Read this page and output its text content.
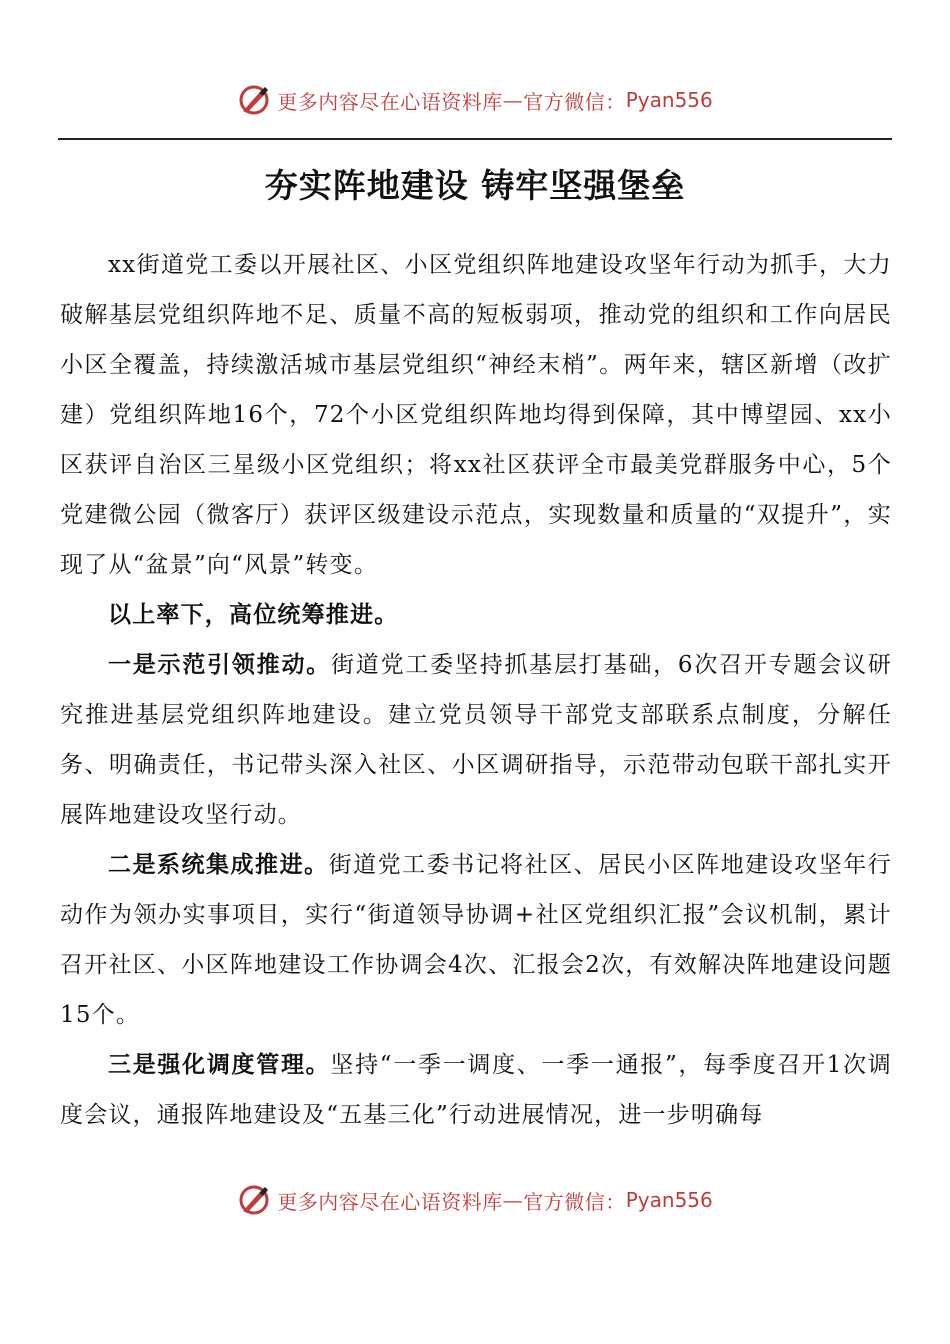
更多内容尽在心语资料库 — 官方微信： Pyan556
夯实阵地建设 铸牢坚强堡垒

xx街道党工委以开展社区、小区党组织阵地建设攻坚年行动为抓手，大力破解基层党组织阵地不足、质量不高的短板弱项，推动党的组织和工作向居民小区全覆盖，持续激活城市基层党组织“神经末梢”。两年来，辖区新增（改扩建）党组织阵地16个，72个小区党组织阵地均得到保障，其中博望园、xx小区获评自治区三星级小区党组织；将xx社区获评全市最美党群服务中心，5个党建微公园（微客厅）获评区级建设示范点，实现数量和质量的“双提升”，实现了从“盆景”向“风景”转变。

以上率下，高位统筹推进。

一是示范引领推动。街道党工委坚持抓基层打基础，6次召开专题会议研究推进基层党组织阵地建设。建立党员领导干部党支部联系点制度，分解任务、明确责任，书记带头深入社区、小区调研指导，示范带动包联干部扎实开展阵地建设攻坚行动。

二是系统集成推进。街道党工委书记将社区、居民小区阵地建设攻坚年行动作为领办实事项目，实行“街道领导协调+社区党组织汇报”会议机制，累计召开社区、小区阵地建设工作协调会4次、汇报会2次，有效解决阵地建设问题15个。

三是强化调度管理。坚持“一季一调度、一季一通报”，每季度召开1次调度会议，通报阵地建设及“五基三化”行动进展情况，进一步明确每

更多内容尽在心语资料库 — 官方微信： Pyan556
